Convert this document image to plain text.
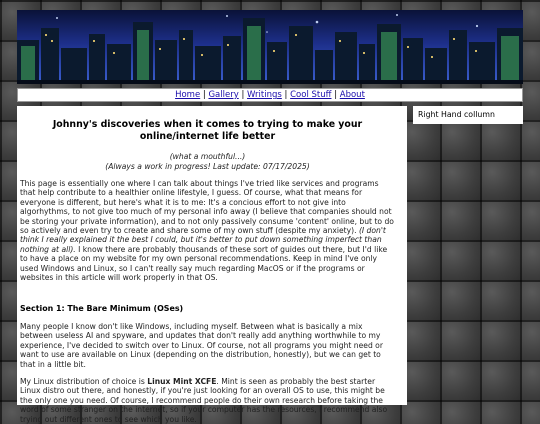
Home | Gallery | Writings | Cool Stuff | About
Johnny's discoveries when it comes to trying to make your online/internet life better
(what a mouthful...)
(Always a work in progress! Last update: 07/17/2025)

This page is essentially one where I can talk about things I've tried like services and programs that help contribute to a healthier online lifestyle, I guess. Of course, what that means for everyone is different, but here's what it is to me: It's a concious effort to not give into algorhythms, to not give too much of my personal info away (I believe that companies should not be storing your private information), and to not only passively consume 'content' online, but to do so actively and even try to create and share some of my own stuff (despite my anxiety). (I don't think I really explained it the best I could, but it's better to put down something imperfect than nothing at all). I know there are probably thousands of these sort of guides out there, but I'd like to have a place on my website for my own personal recommendations. Keep in mind I've only used Windows and Linux, so I can't really say much regarding MacOS or if the programs or websites in this article will work properly in that OS.

Section 1: The Bare Minimum (OSes)

Many people I know don't like Windows, including myself. Between what is basically a mix between useless AI and spyware, and updates that don't really add anything worthwhile to my experience, I've decided to switch over to Linux. Of course, not all programs you might need or want to use are available on Linux (depending on the distribution, honestly), but we can get to that in a little bit.

My Linux distribution of choice is Linux Mint XCFE. Mint is seen as probably the best starter Linux distro out there, and honestly, if you're just looking for an overall OS to use, this might be the only one you need. Of course, I recommend people do their own research before taking the word of some stranger on the internet, so if your computer has the resources, I recommend also trying out different ones to see which you like.

Right Hand collumn
